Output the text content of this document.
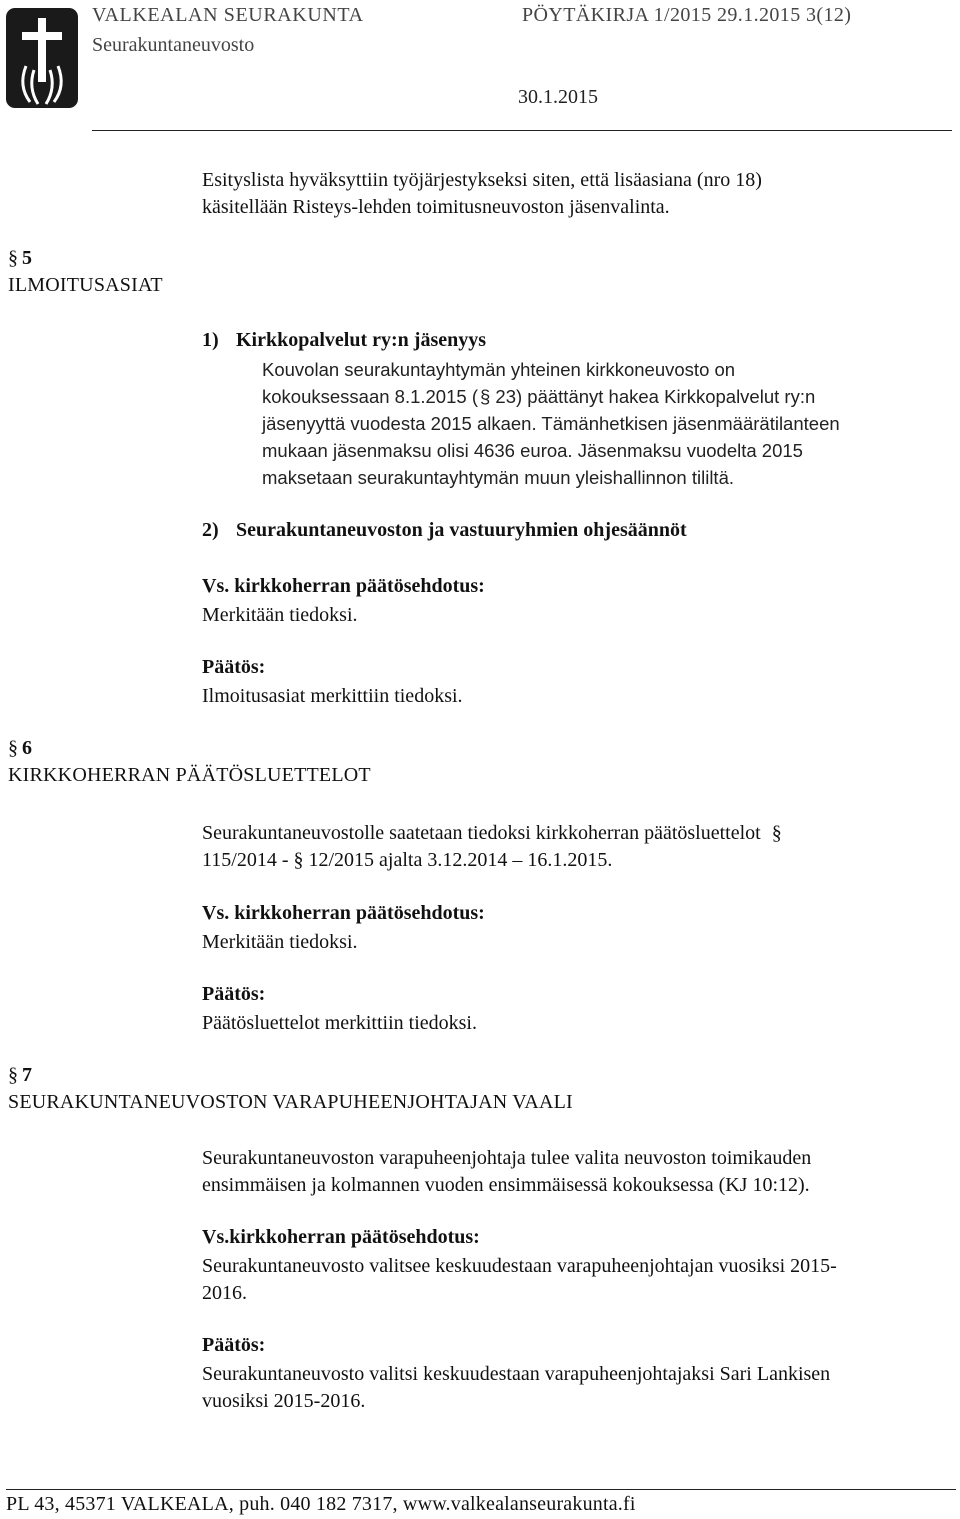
VALKEALAN SEURAKUNTA	PÖYTÄKIRJA 1/2015 29.1.2015 3(12)
Seurakuntaneuvosto
30.1.2015
Esityslista hyväksyttiin työjärjestykseksi siten, että lisäasiana (nro 18)
käsitellään Risteys-lehden toimitusneuvoston jäsenvalinta.
§ 5
ILMOITUSASIAT
1) Kirkkopalvelut ry:n jäsenyys
Kouvolan seurakuntayhtymän yhteinen kirkkoneuvosto on
kokouksessaan 8.1.2015 ( § 23) päättänyt hakea Kirkkopalvelut ry:n
jäsenyyttä vuodesta 2015 alkaen. Tämänhetkisen jäsenmäärätilanteen
mukaan jäsenmaksu olisi 4636 euroa. Jäsenmaksu vuodelta 2015
maksetaan seurakuntayhtymän muun yleishallinnon tililtä.
2) Seurakuntaneuvoston ja vastuuryhmien ohjesäännöt
Vs. kirkkoherran päätösehdotus:
Merkitään tiedoksi.
Päätös:
Ilmoitusasiat merkittiin tiedoksi.
§ 6
KIRKKOHERRAN PÄÄTÖSLUETTELOT
Seurakuntaneuvostolle saatetaan tiedoksi kirkkoherran päätösluettelot §
115/2014 - § 12/2015 ajalta 3.12.2014 – 16.1.2015.
Vs. kirkkoherran päätösehdotus:
Merkitään tiedoksi.
Päätös:
Päätösluettelot merkittiin tiedoksi.
§ 7
SEURAKUNTANEUVOSTON VARAPUHEENJOHTAJAN VAALI
Seurakuntaneuvoston varapuheenjohtaja tulee valita neuvoston toimikauden
ensimmäisen ja kolmannen vuoden ensimmäisessä kokouksessa (KJ 10:12).
Vs.kirkkoherran päätösehdotus:
Seurakuntaneuvosto valitsee keskuudestaan varapuheenjohtajan vuosiksi 2015-
2016.
Päätös:
Seurakuntaneuvosto valitsi keskuudestaan varapuheenjohtajaksi Sari Lankisen
vuosiksi 2015-2016.
PL 43, 45371 VALKEALA, puh. 040 182 7317, www.valkealanseurakunta.fi
